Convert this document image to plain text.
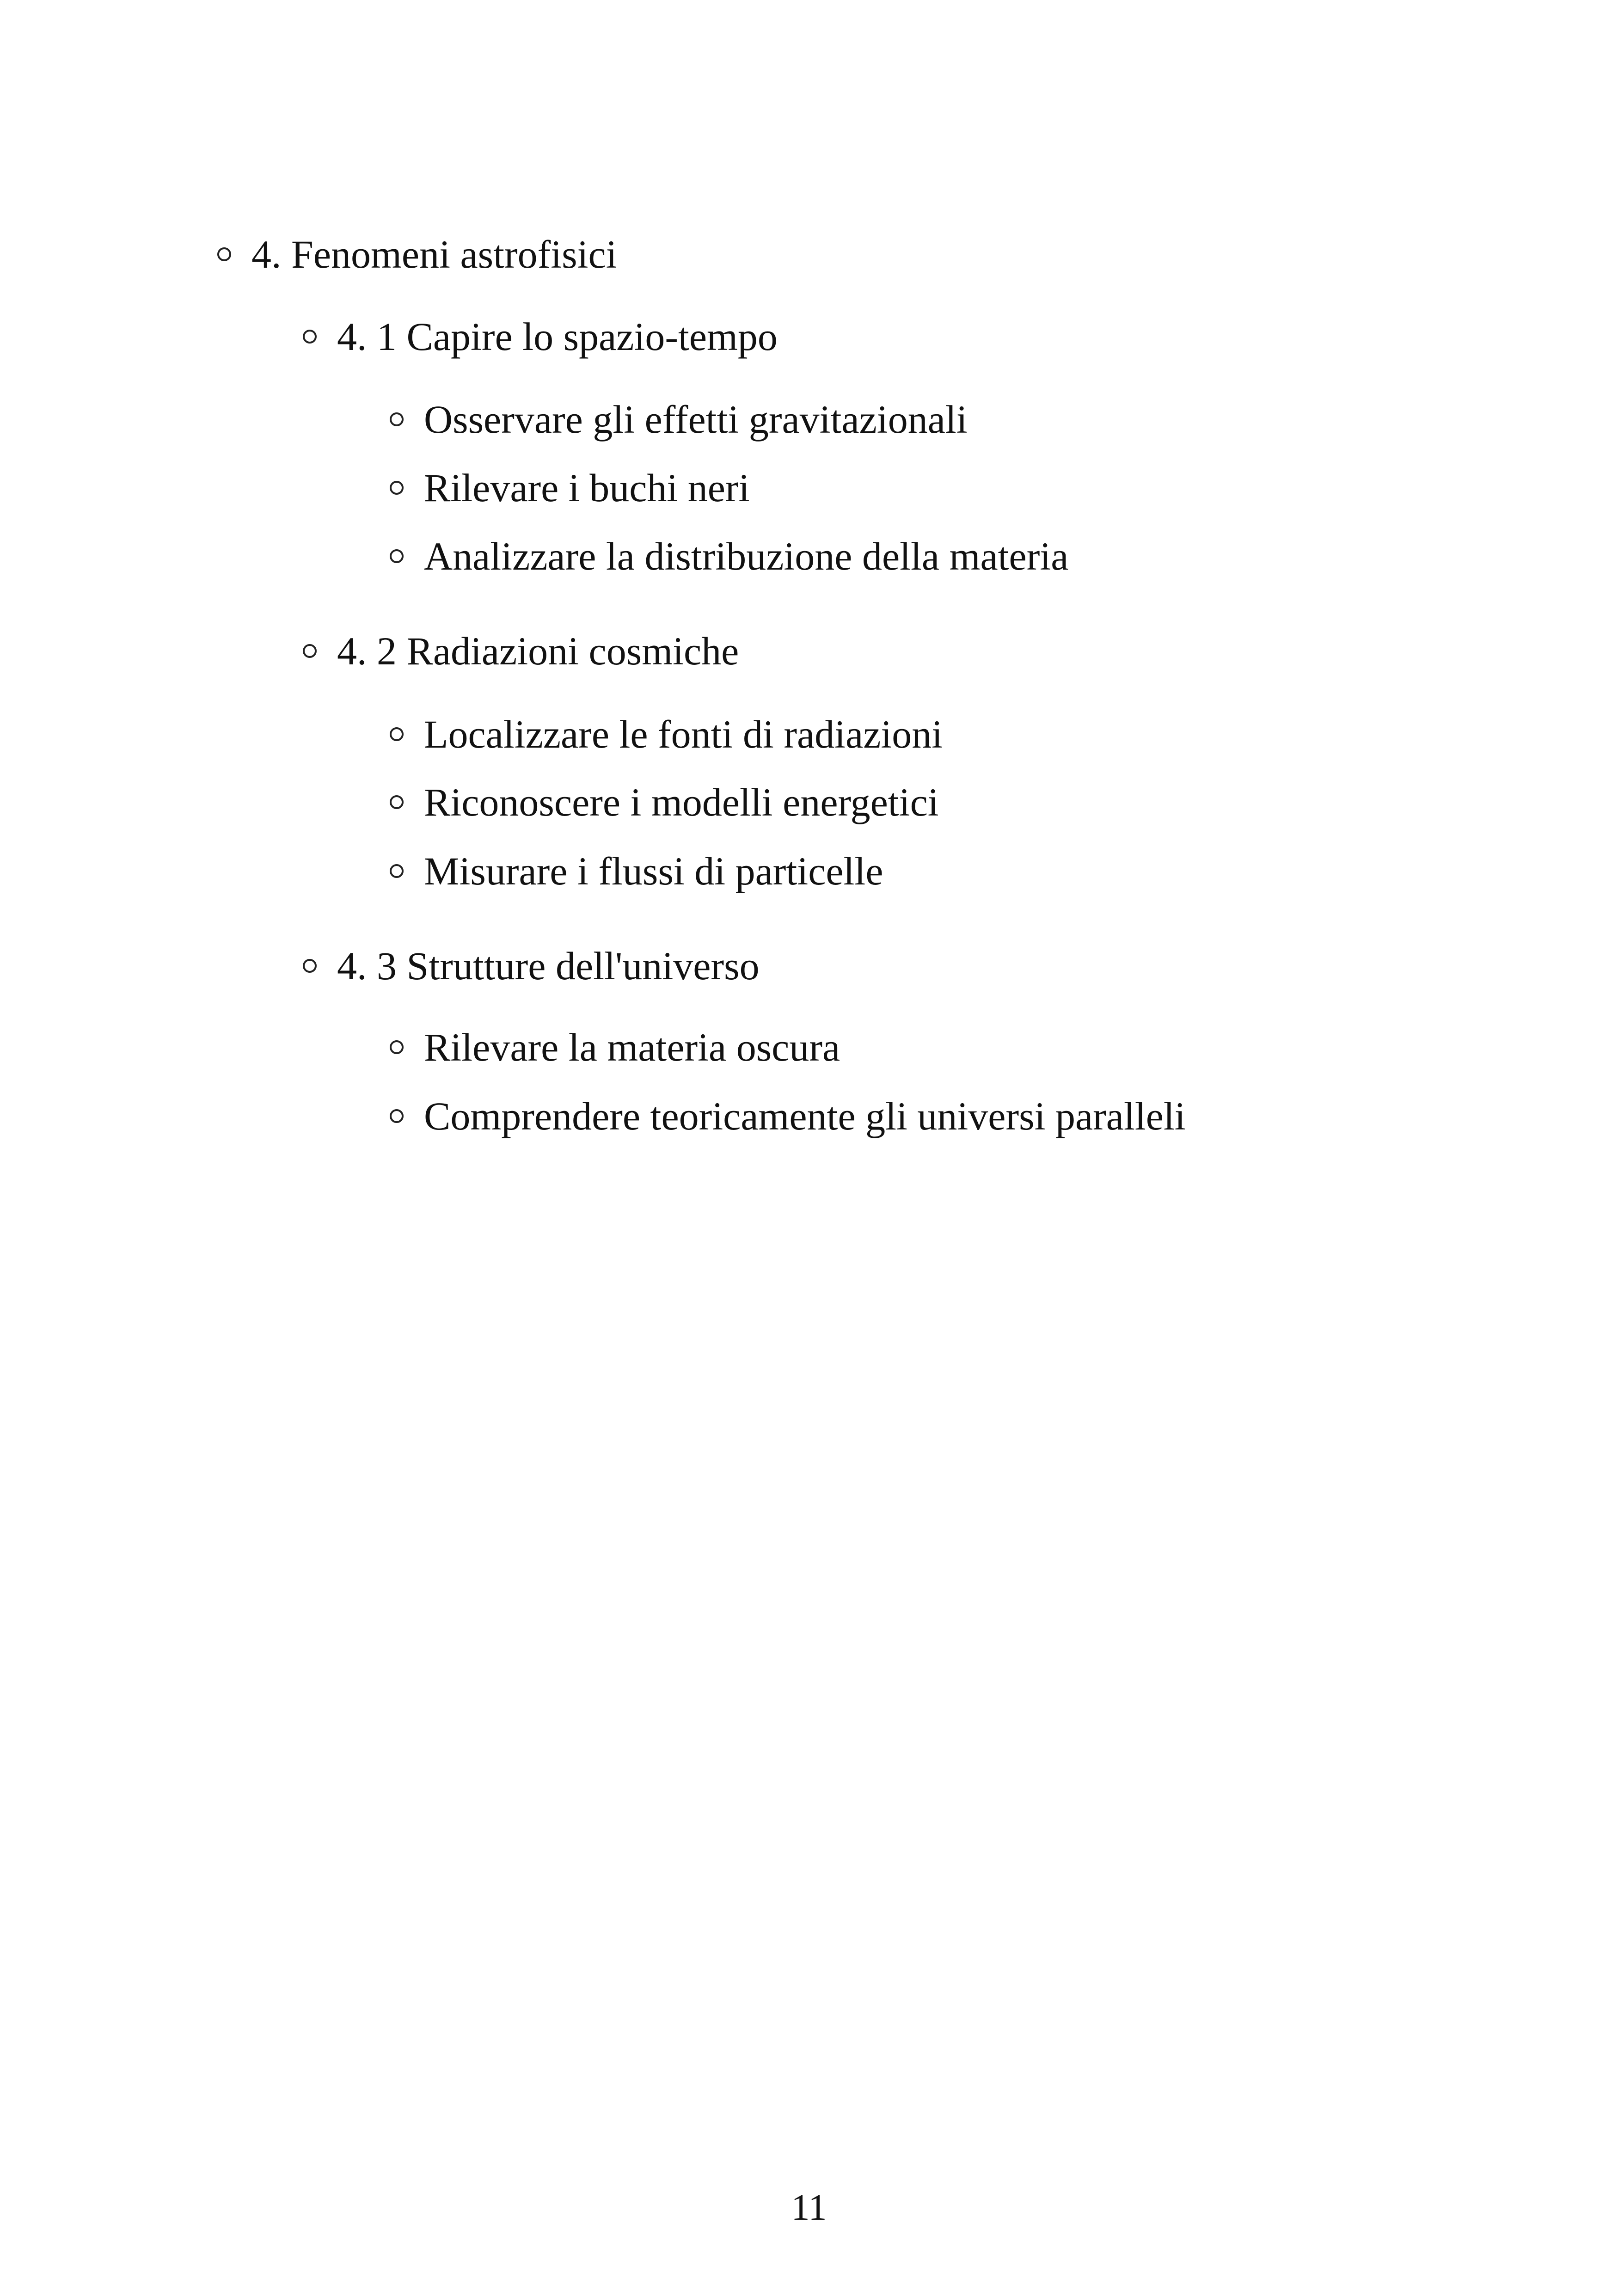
4. Fenomeni astrofisici
4. 1 Capire lo spazio-tempo
Osservare gli effetti gravitazionali
Rilevare i buchi neri
Analizzare la distribuzione della materia
4. 2 Radiazioni cosmiche
Localizzare le fonti di radiazioni
Riconoscere i modelli energetici
Misurare i flussi di particelle
4. 3 Strutture dell'universo
Rilevare la materia oscura
Comprendere teoricamente gli universi paralleli
11
